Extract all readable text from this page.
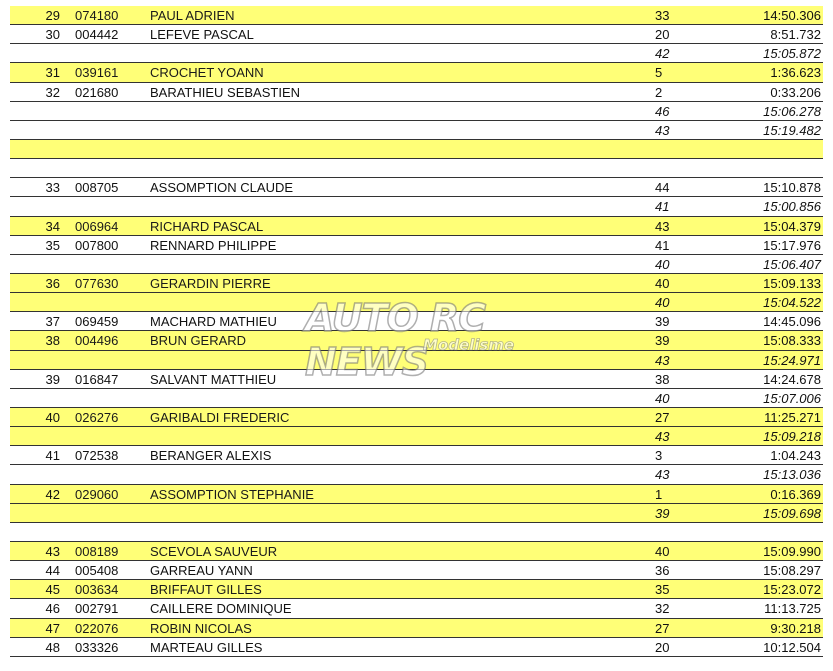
29 074180 PAUL ADRIEN	33	14:50.306
30 004442 LEFEVE PASCAL	20	8:51.732
42	15:05.872
31 039161 CROCHET YOANN	5	1:36.623
32 021680 BARATHIEU SEBASTIEN	2	0:33.206
46	15:06.278
43	15:19.482
33 008705 ASSOMPTION CLAUDE	44	15:10.878
41	15:00.856
34 006964 RICHARD PASCAL	43	15:04.379
35 007800 RENNARD PHILIPPE	41	15:17.976
40	15:06.407
36 077630 GERARDIN PIERRE	40	15:09.133
40	15:04.522
37 069459 MACHARD MATHIEU	39	14:45.096
38 004496 BRUN GERARD	39	15:08.333
43	15:24.971
39 016847 SALVANT MATTHIEU	38	14:24.678
40	15:07.006
40 026276 GARIBALDI FREDERIC	27	11:25.271
43	15:09.218
41 072538 BERANGER ALEXIS	3	1:04.243
43	15:13.036
42 029060 ASSOMPTION STEPHANIE	1	0:16.369
39	15:09.698
43 008189 SCEVOLA SAUVEUR	40	15:09.990
44 005408 GARREAU YANN	36	15:08.297
45 003634 BRIFFAUT GILLES	35	15:23.072
46 002791 CAILLERE DOMINIQUE	32	11:13.725
47 022076 ROBIN NICOLAS	27	9:30.218
48 033326 MARTEAU GILLES	20	10:12.504
AUTO RC NEWS
Modelisme
